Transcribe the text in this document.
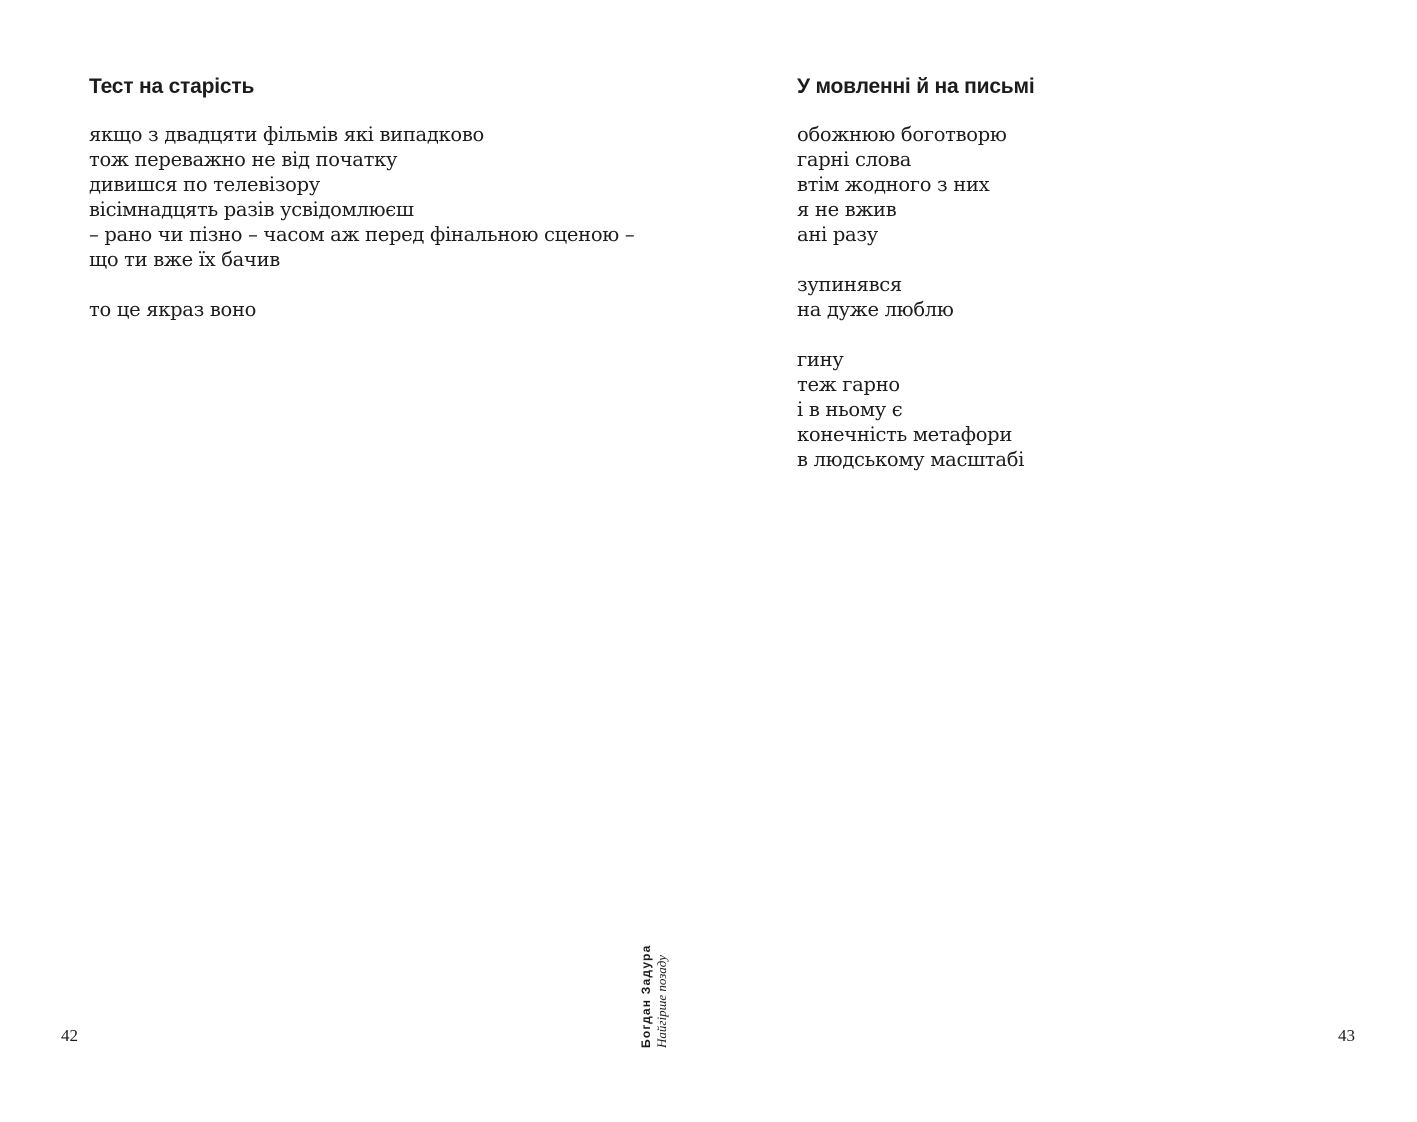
Тест на старість
якщо з двадцяти фільмів які випадково
тож переважно не від початку
дивишся по телевізору
вісімнадцять разів усвідомлюєш
– рано чи пізно – часом аж перед фінальною сценою –
що ти вже їх бачив
то це якраз воно
42
У мовленні й на письмі
обожнюю боготворю
гарні слова
втім жодного з них
я не вжив
ані разу
зупинявся
на дуже люблю
гину
теж гарно
і в ньому є
конечність метафори
в людському масштабі
43
Богдан Задура Найгірше позаду
